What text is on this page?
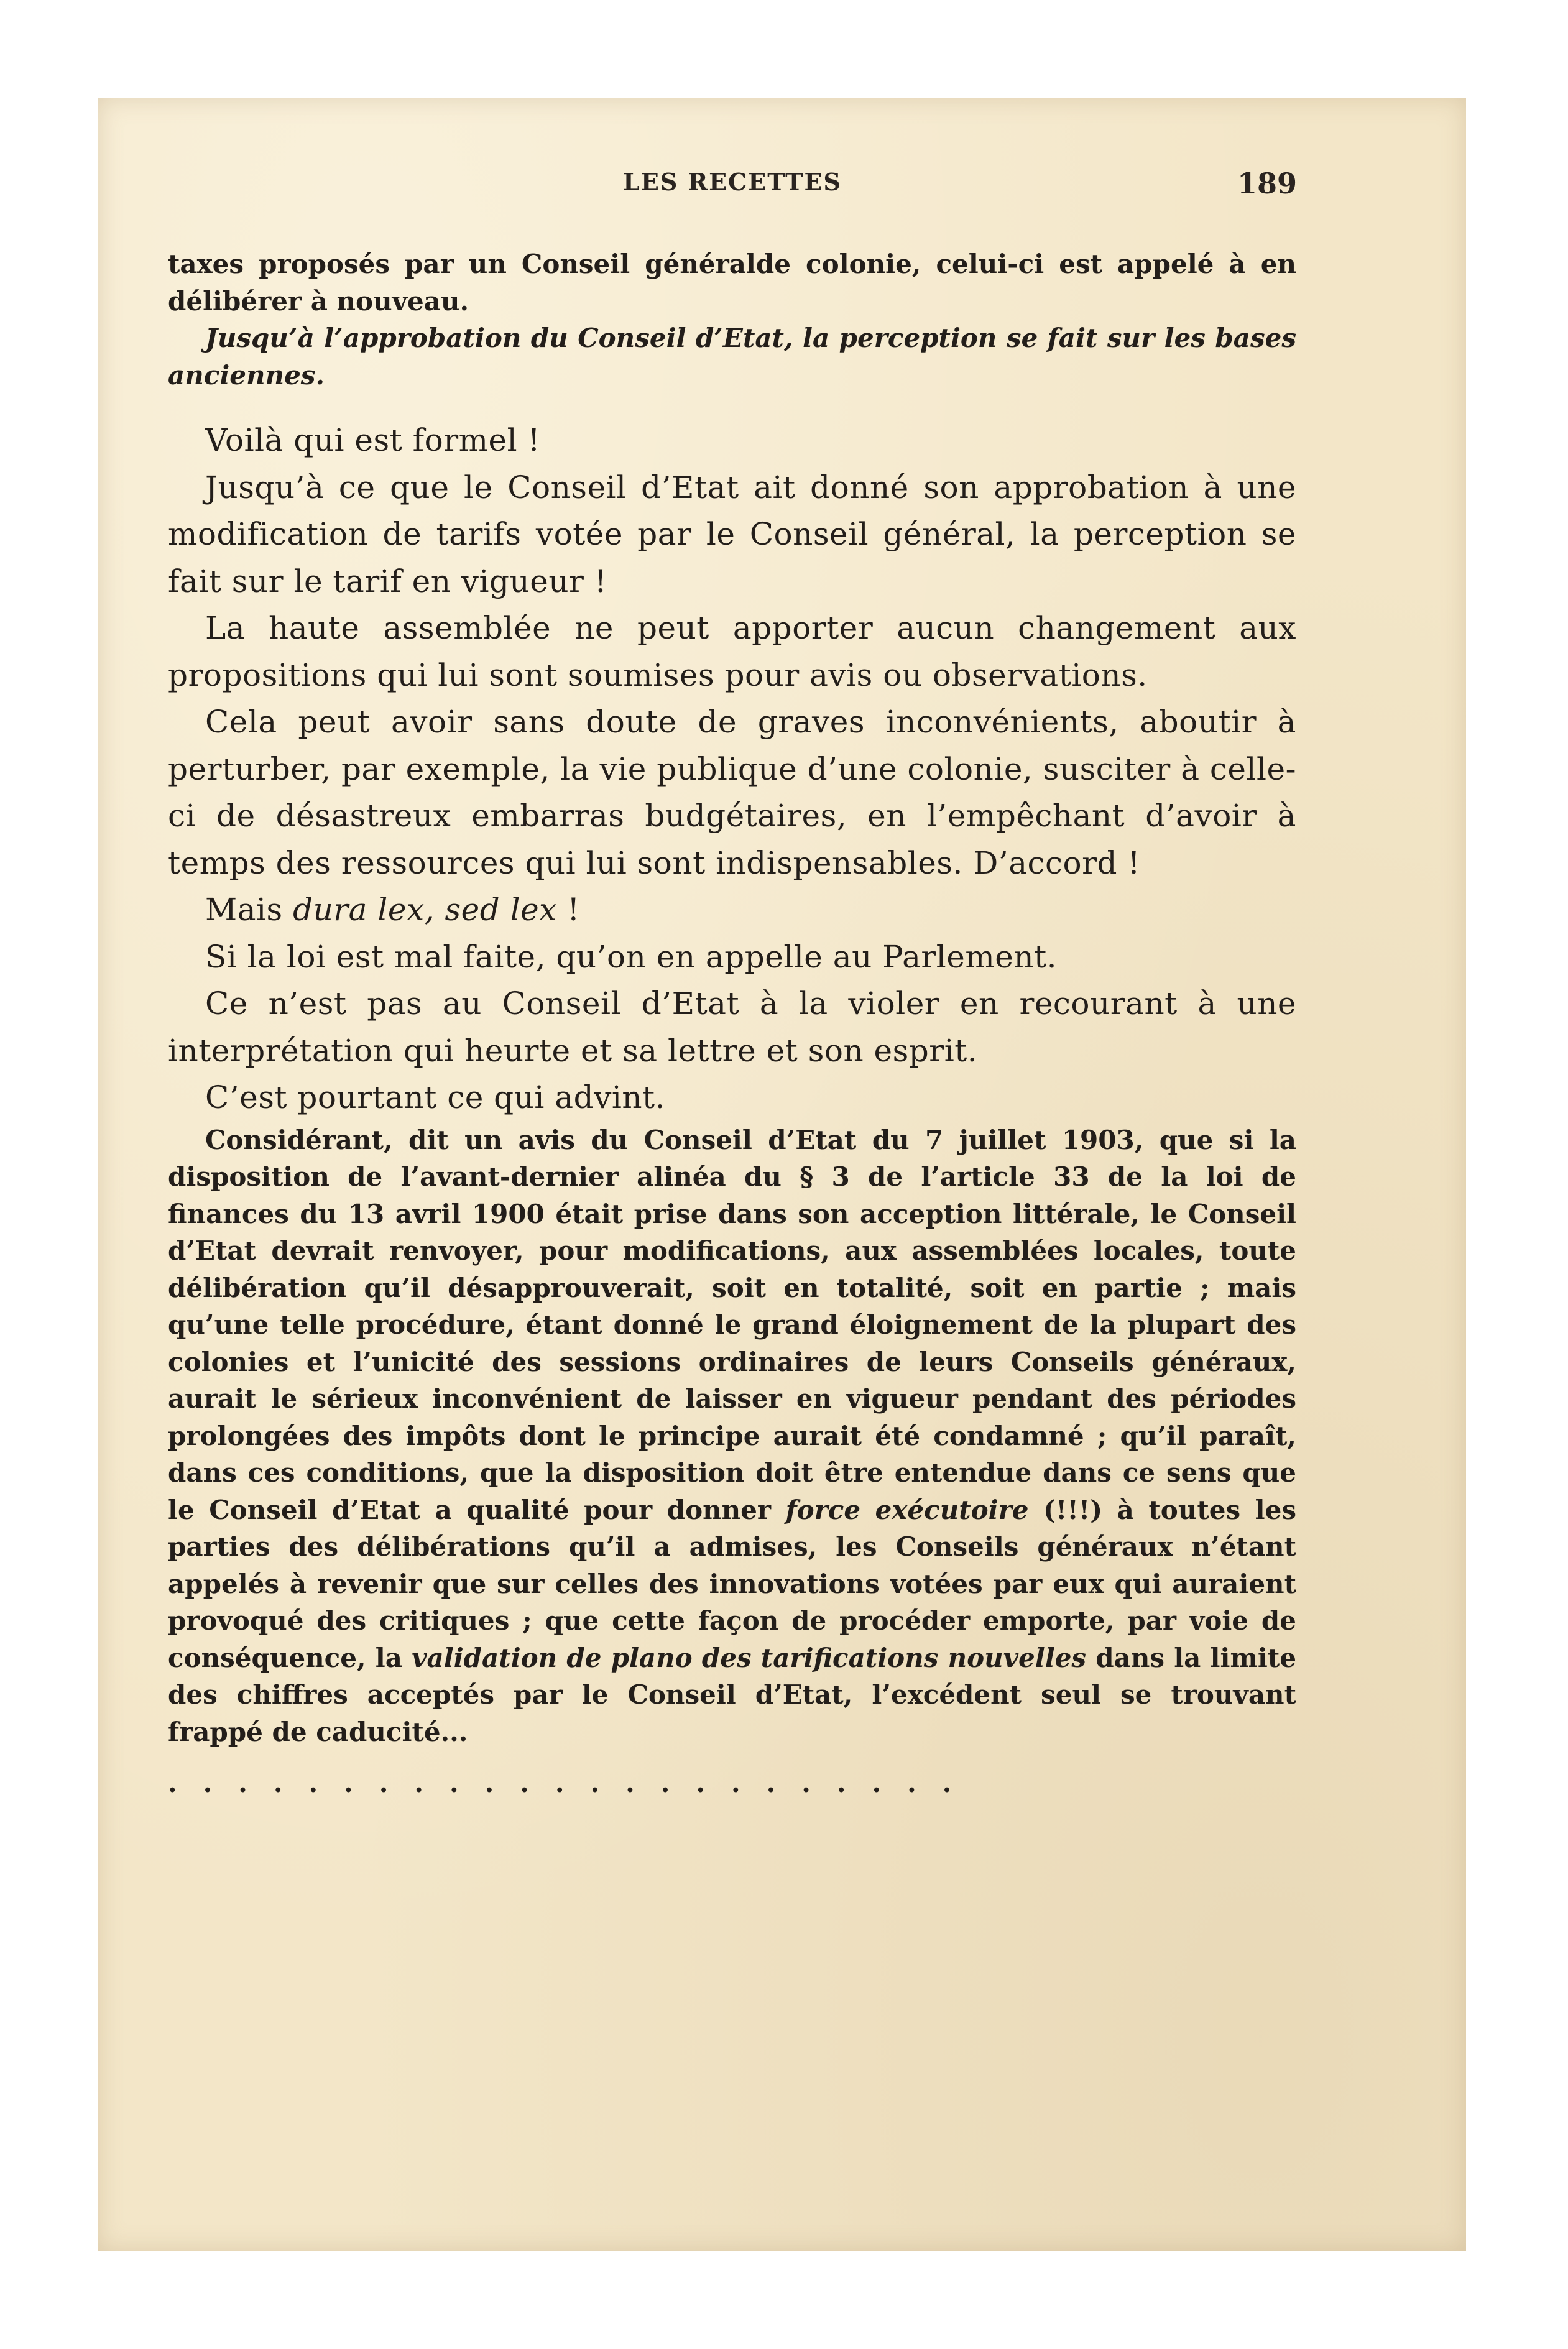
LES RECETTES	189

taxes proposés par un Conseil généralde colonie, celui-ci est appelé à en délibérer à nouveau.

Jusqu’à l’approbation du Conseil d’Etat, la perception se fait sur les bases anciennes.

Voilà qui est formel !

Jusqu’à ce que le Conseil d’Etat ait donné son approbation à une modification de tarifs votée par le Conseil général, la perception se fait sur le tarif en vigueur !

La haute assemblée ne peut apporter aucun changement aux propositions qui lui sont soumises pour avis ou observations.

Cela peut avoir sans doute de graves inconvénients, aboutir à perturber, par exemple, la vie publique d’une colonie, susciter à celle-ci de désastreux embarras budgétaires, en l’empêchant d’avoir à temps des ressources qui lui sont indispensables. D’accord !

Mais dura lex, sed lex !

Si la loi est mal faite, qu’on en appelle au Parlement.

Ce n’est pas au Conseil d’Etat à la violer en recourant à une interprétation qui heurte et sa lettre et son esprit.

C’est pourtant ce qui advint.

Considérant, dit un avis du Conseil d’Etat du 7 juillet 1903, que si la disposition de l’avant-dernier alinéa du § 3 de l’article 33 de la loi de finances du 13 avril 1900 était prise dans son acception littérale, le Conseil d’Etat devrait renvoyer, pour modifications, aux assemblées locales, toute délibération qu’il désapprouverait, soit en totalité, soit en partie ; mais qu’une telle procédure, étant donné le grand éloignement de la plupart des colonies et l’unicité des sessions ordinaires de leurs Conseils généraux, aurait le sérieux inconvénient de laisser en vigueur pendant des périodes prolongées des impôts dont le principe aurait été condamné ; qu’il paraît, dans ces conditions, que la disposition doit être entendue dans ce sens que le Conseil d’Etat a qualité pour donner force exécutoire (!!!) à toutes les parties des délibérations qu’il a admises, les Conseils généraux n’étant appelés à revenir que sur celles des innovations votées par eux qui auraient provoqué des critiques ; que cette façon de procéder emporte, par voie de conséquence, la validation de plano des tarifications nouvelles dans la limite des chiffres acceptés par le Conseil d’Etat, l’excédent seul se trouvant frappé de caducité...

.......................
